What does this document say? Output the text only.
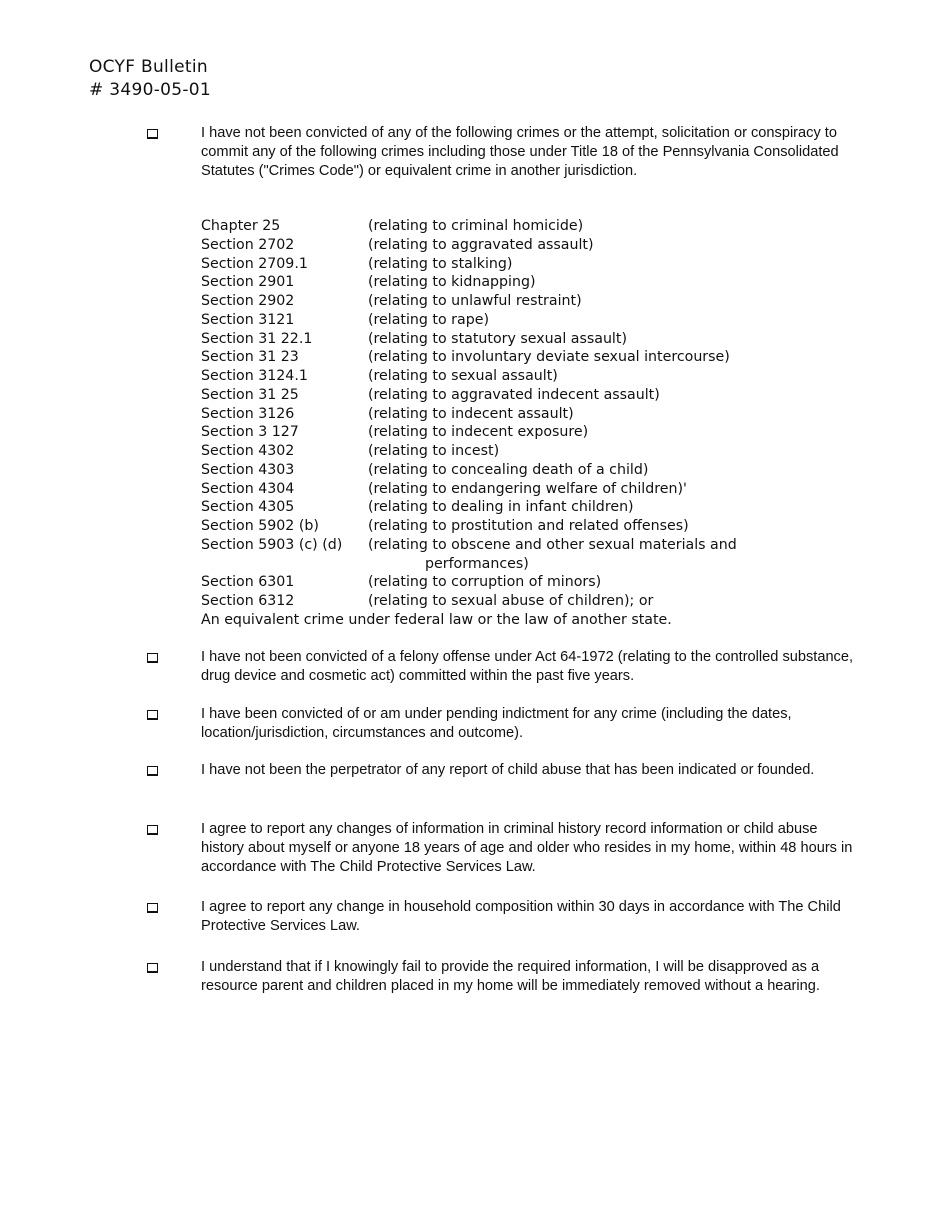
OCYF Bulletin
# 3490-05-01
I have not been convicted of any of the following crimes or the attempt, solicitation or conspiracy to commit any of the following crimes including those under Title 18 of the Pennsylvania Consolidated Statutes ("Crimes Code") or equivalent crime in another jurisdiction.
Chapter 25	(relating to criminal homicide)
Section 2702	(relating to aggravated assault)
Section 2709.1	(relating to stalking)
Section 2901	(relating to kidnapping)
Section 2902	(relating to unlawful restraint)
Section 3121	(relating to rape)
Section 31 22.1	(relating to statutory sexual assault)
Section 31 23	(relating to involuntary deviate sexual intercourse)
Section 3124.1	(relating to sexual assault)
Section 31 25	(relating to aggravated indecent assault)
Section 3126	(relating to indecent assault)
Section 3 127	(relating to indecent exposure)
Section 4302	(relating to incest)
Section 4303	(relating to concealing death of a child)
Section 4304	(relating to endangering welfare of children)'
Section 4305	(relating to dealing in infant children)
Section 5902 (b)	(relating to prostitution and related offenses)
Section 5903 (c) (d)	(relating to obscene and other sexual materials and
performances)
Section 6301	(relating to corruption of minors)
Section 6312	(relating to sexual abuse of children); or
An equivalent crime under federal law or the law of another state.
I have not been convicted of a felony offense under Act 64-1972 (relating to the controlled substance, drug device and cosmetic act) committed within the past five years.
I have been convicted of or am under pending indictment for any crime (including the dates, location/jurisdiction, circumstances and outcome).
I have not been the perpetrator of any report of child abuse that has been indicated or founded.
I agree to report any changes of information in criminal history record information or child abuse history about myself or anyone 18 years of age and older who resides in my home, within 48 hours in accordance with The Child Protective Services Law.
I agree to report any change in household composition within 30 days in accordance with The Child Protective Services Law.
I understand that if I knowingly fail to provide the required information, I will be disapproved as a resource parent and children placed in my home will be immediately removed without a hearing.
